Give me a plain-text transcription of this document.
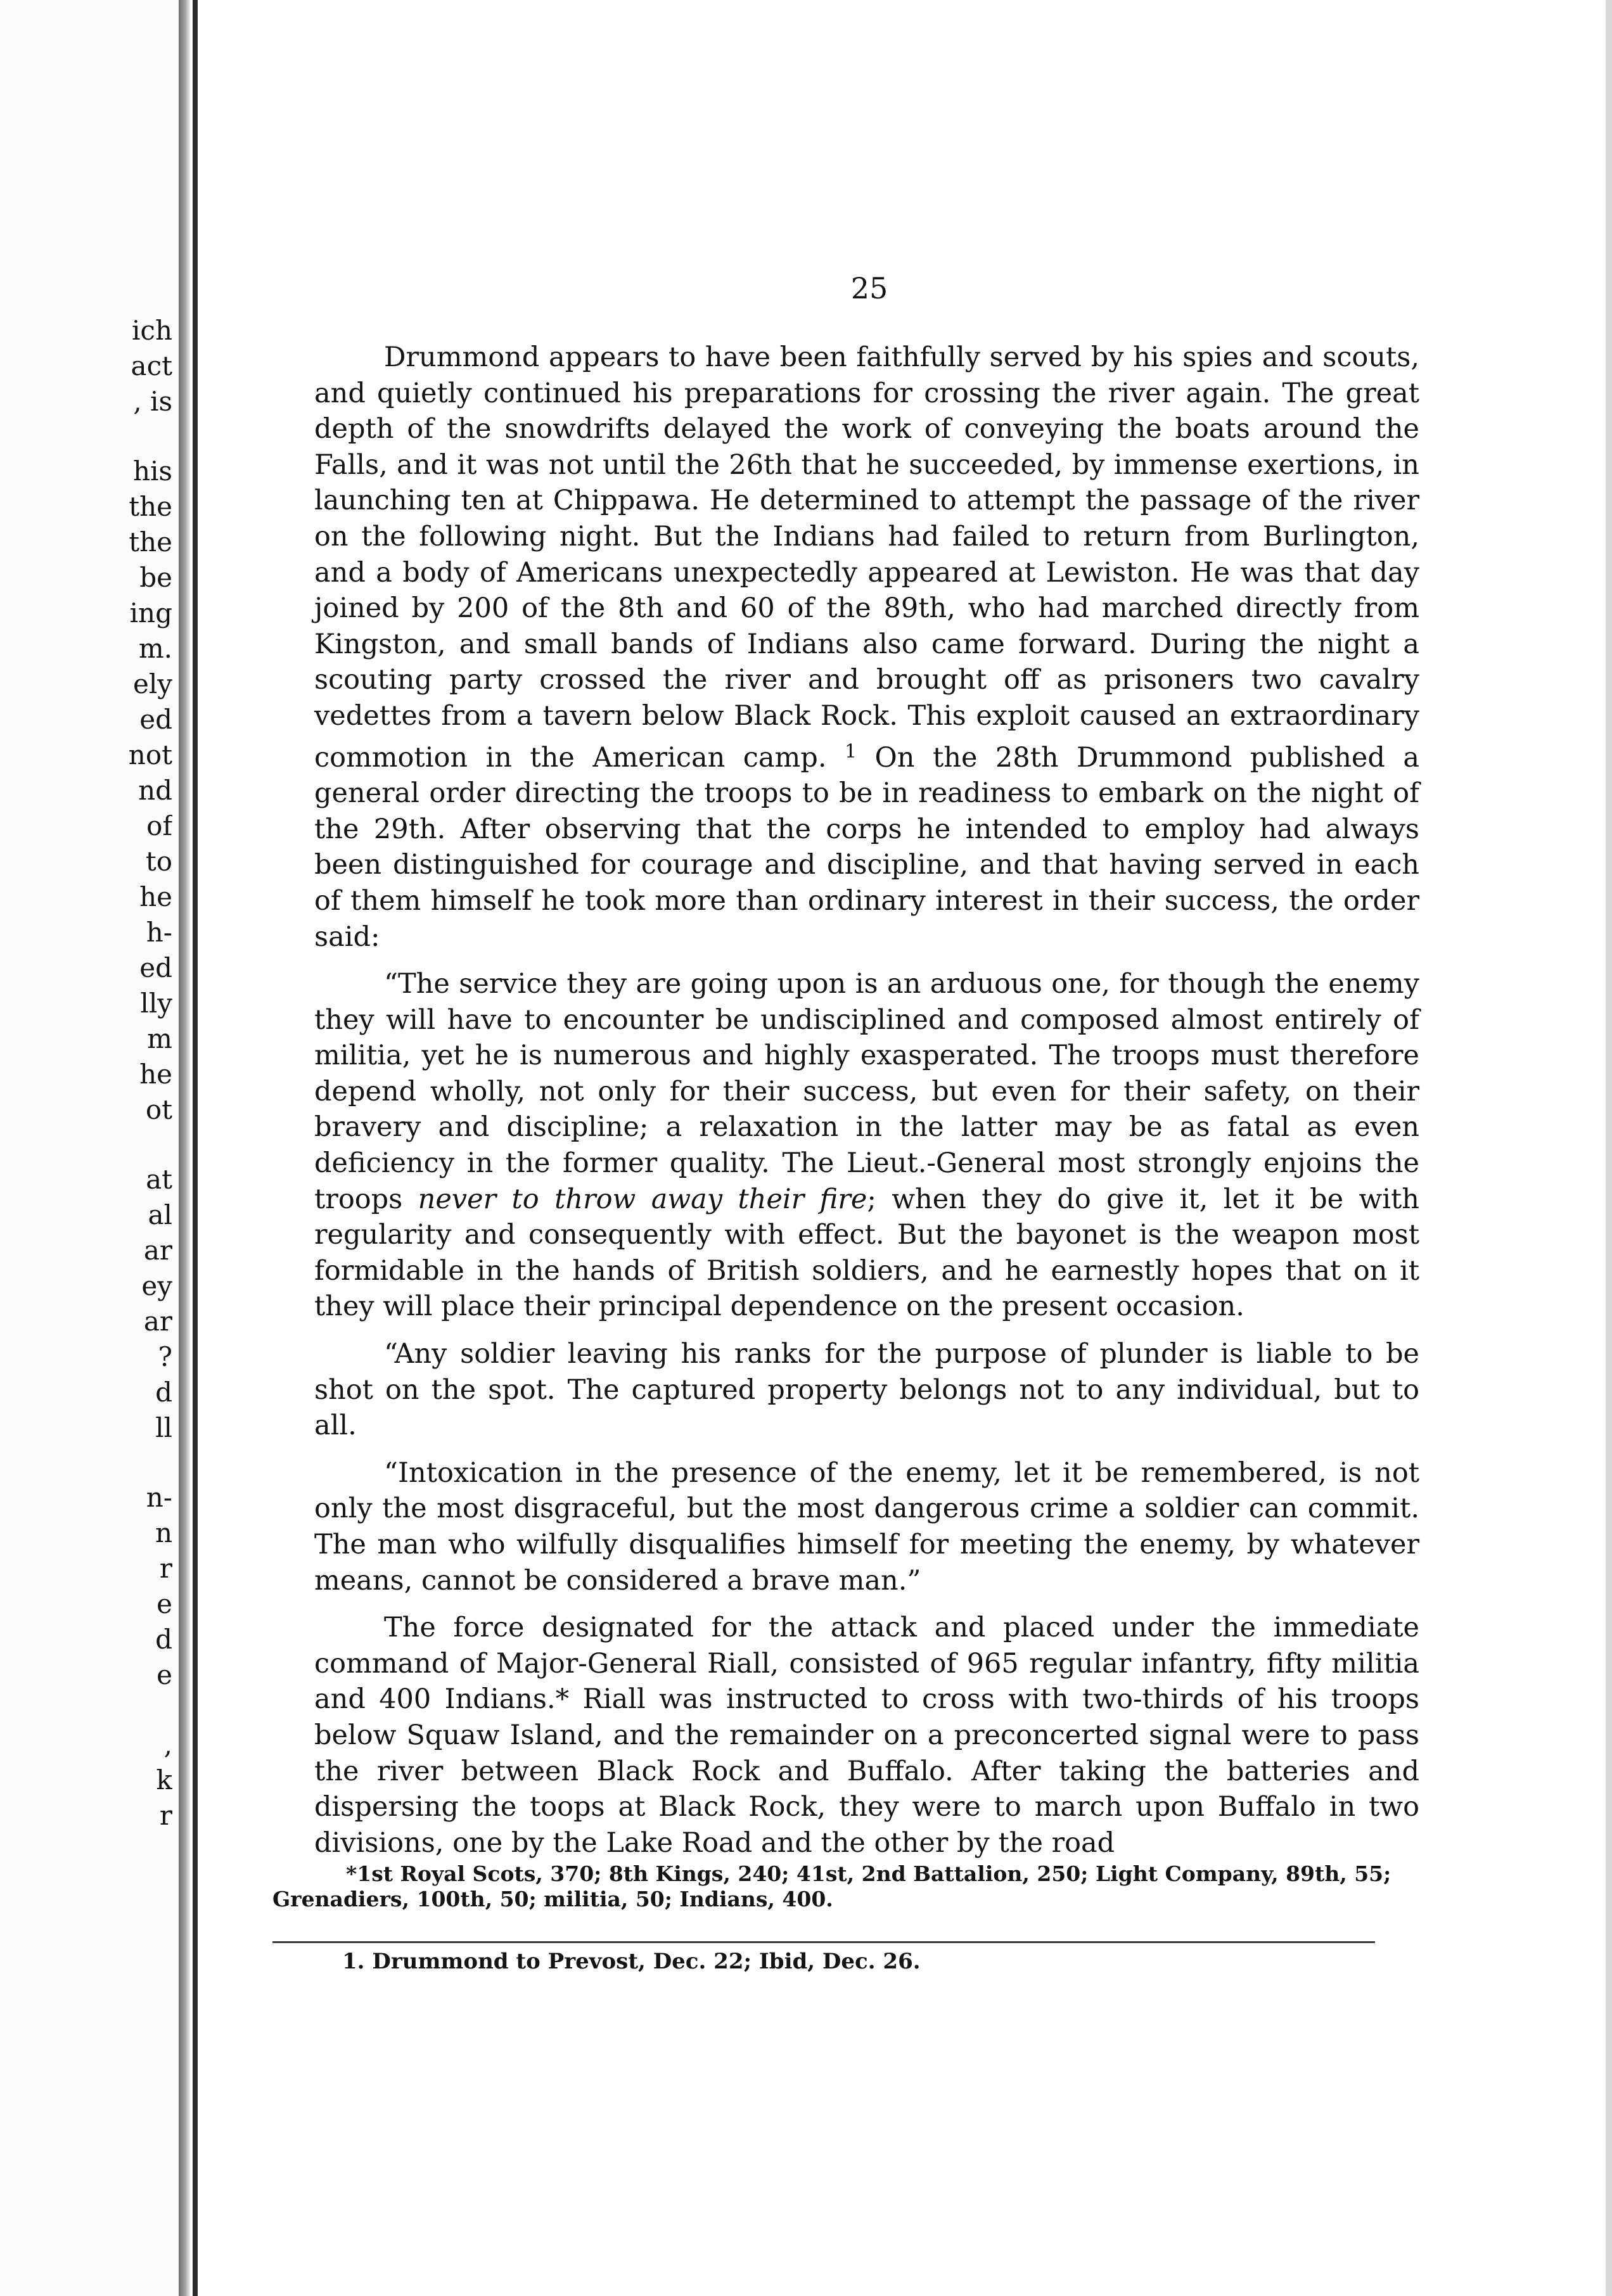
ich
act
, is
his
the
the
be
ing
m.
ely
ed
not
nd
of
to
he
h-
ed
lly
m
he
ot
at
al
ar
ey
ar
?
d
ll
n-
n
r
e
d
e
,
k
r
25

Drummond appears to have been faithfully served by his spies and scouts, and quietly continued his preparations for crossing the river again. The great depth of the snowdrifts delayed the work of conveying the boats around the Falls, and it was not until the 26th that he succeeded, by immense exertions, in launching ten at Chippawa. He determined to attempt the passage of the river on the following night. But the Indians had failed to return from Burlington, and a body of Americans unexpectedly appeared at Lewiston. He was that day joined by 200 of the 8th and 60 of the 89th, who had marched directly from Kingston, and small bands of Indians also came forward. During the night a scouting party crossed the river and brought off as prisoners two cavalry vedettes from a tavern below Black Rock. This exploit caused an extraordinary commotion in the American camp. $^1$ On the 28th Drummond published a general order directing the troops to be in readiness to embark on the night of the 29th. After observing that the corps he intended to employ had always been distinguished for courage and discipline, and that having served in each of them himself he took more than ordinary interest in their success, the order said:

“The service they are going upon is an arduous one, for though the enemy they will have to encounter be undisciplined and composed almost entirely of militia, yet he is numerous and highly exasperated. The troops must therefore depend wholly, not only for their success, but even for their safety, on their bravery and discipline; a relaxation in the latter may be as fatal as even deficiency in the former quality. The Lieut.-General most strongly enjoins the troops never to throw away their fire; when they do give it, let it be with regularity and consequently with effect. But the bayonet is the weapon most formidable in the hands of British soldiers, and he earnestly hopes that on it they will place their principal dependence on the present occasion.

“Any soldier leaving his ranks for the purpose of plunder is liable to be shot on the spot. The captured property belongs not to any individual, but to all.

“Intoxication in the presence of the enemy, let it be remembered, is not only the most disgraceful, but the most dangerous crime a soldier can commit. The man who wilfully disqualifies himself for meeting the enemy, by whatever means, cannot be considered a brave man.”

The force designated for the attack and placed under the immediate command of Major-General Riall, consisted of 965 regular infantry, fifty militia and 400 Indians.* Riall was instructed to cross with two-thirds of his troops below Squaw Island, and the remainder on a preconcerted signal were to pass the river between Black Rock and Buffalo. After taking the batteries and dispersing the toops at Black Rock, they were to march upon Buffalo in two divisions, one by the Lake Road and the other by the road

*1st Royal Scots, 370; 8th Kings, 240; 41st, 2nd Battalion, 250; Light Company, 89th, 55; Grenadiers, 100th, 50; militia, 50; Indians, 400.

1. Drummond to Prevost, Dec. 22; Ibid, Dec. 26.
